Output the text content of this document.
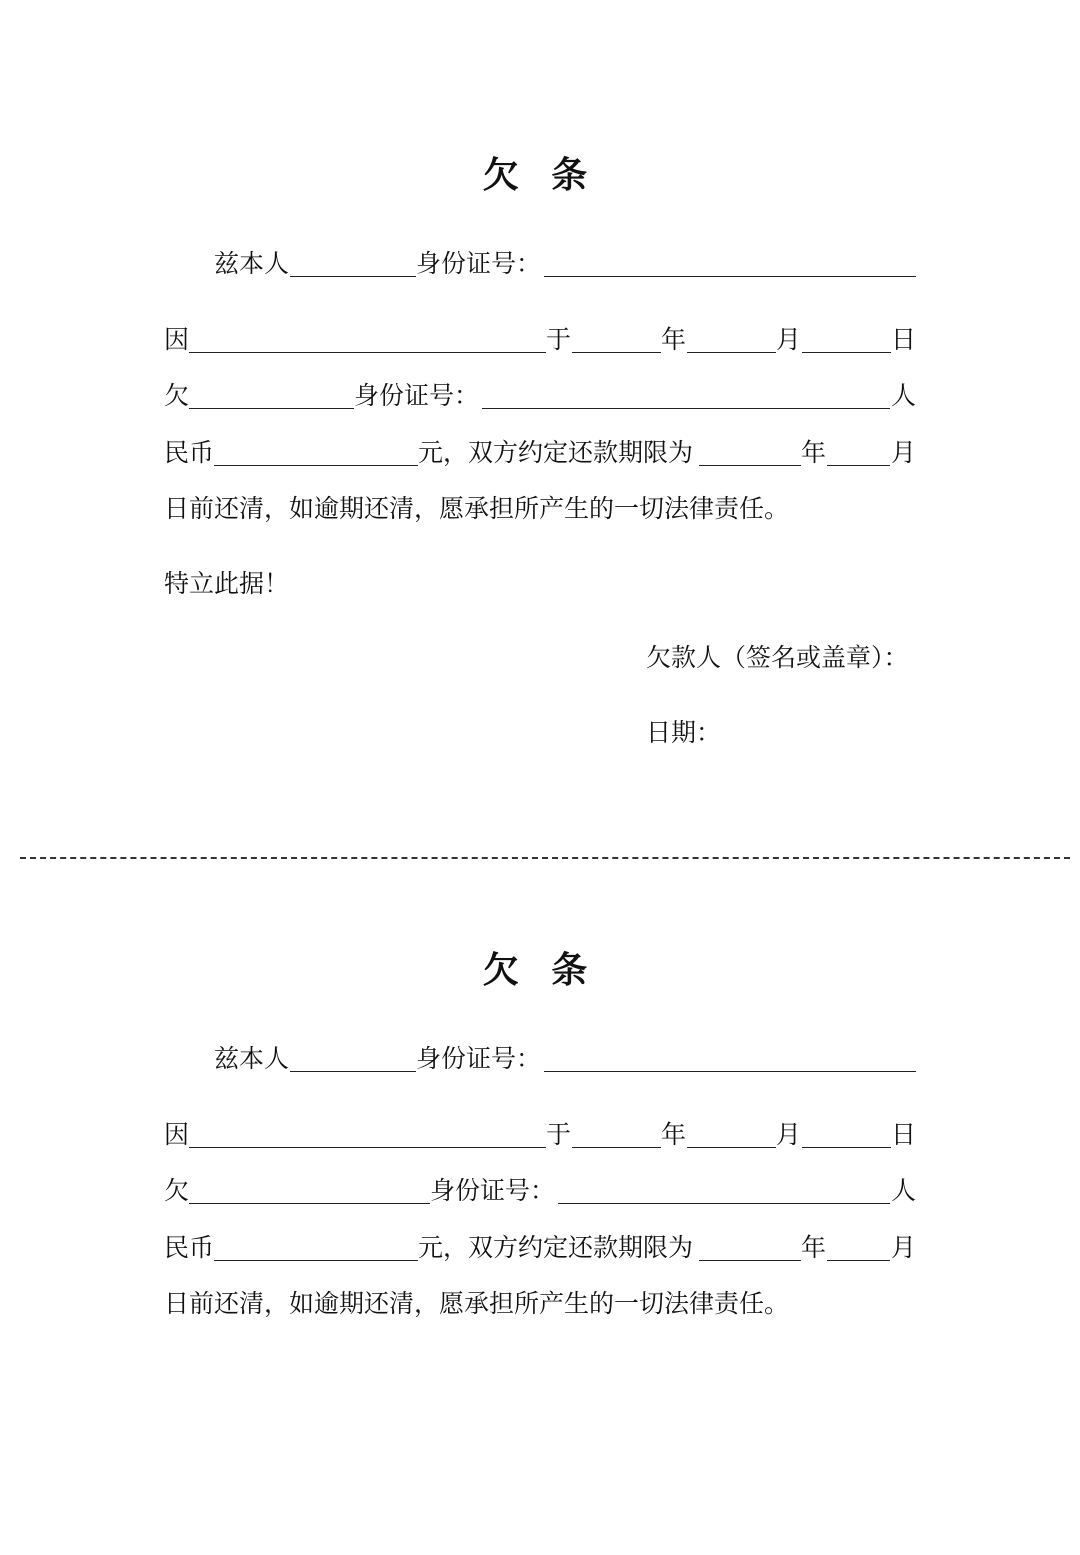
欠 条
兹本人	身份证号：
因	于	年	月	日
欠	身份证号：	人
民币	元，双方约定还款期限为	年	月
日前还清，如逾期还清，愿承担所产生的一切法律责任。
特立此据！
欠款人（签名或盖章）：
日期：
欠 条
兹本人	身份证号：
因	于	年	月	日
欠	身份证号：	人
民币	元，双方约定还款期限为	年	月
日前还清，如逾期还清，愿承担所产生的一切法律责任。
